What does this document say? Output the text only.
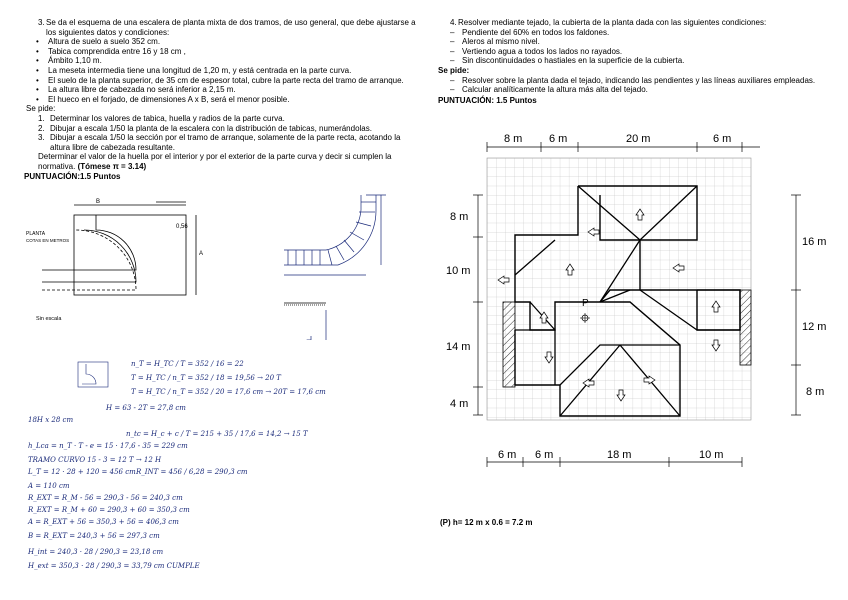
3. Se da el esquema de una escalera de planta mixta de dos tramos, de uso general, que debe ajustarse a
los siguientes datos y condiciones:
• Altura de suelo a suelo 352 cm.
• Tabica comprendida entre 16 y 18 cm ,
• Ámbito 1,10 m.
• La meseta intermedia tiene una longitud de 1,20 m, y está centrada en la parte curva.
• El suelo de la planta superior, de 35 cm de espesor total, cubre la parte recta del tramo de arranque.
• La altura libre de cabezada no será inferior a 2,15 m.
• El hueco en el forjado, de dimensiones A x B, será el menor posible.
Se pide:
1. Determinar los valores de tabica, huella y radios de la parte curva.
2. Dibujar a escala 1/50 la planta de la escalera con la distribución de tabicas, numerándolas.
3. Dibujar a escala 1/50 la sección por el tramo de arranque, solamente de la parte recta, acotando la
altura libre de cabezada resultante.
Determinar el valor de la huella por el interior y por el exterior de la parte curva y decir si cumplen la
normativa. (Tómese π = 3.14)
PUNTUACIÓN:1.5 Puntos
B
A
0,56
PLANTA
COTAS EN METROS
Sin escala
n_T = H_TC / T = 352 / 16 = 22
T = H_TC / n_T = 352 / 18 = 19,56 → 20 T
T = H_TC / n_T = 352 / 20 = 17,6 cm → 20T = 17,6 cm
H = 63 - 2T = 27,8 cm
18H x 28 cm
n_tc = H_c + c / T = 215 + 35 / 17,6 = 14,2 → 15 T
h_Lca = n_T · T - e = 15 · 17,6 - 35 = 229 cm
TRAMO CURVO 15 - 3 = 12 T → 12 H
L_T = 12 · 28 + 120 = 456 cm R_INT = 456 / 6,28 = 290,3 cm
A = 110 cm
R_EXT = R_M - 56 = 290,3 - 56 = 240,3 cm
R_EXT = R_M + 60 = 290,3 + 60 = 350,3 cm
A = R_EXT + 56 = 350,3 + 56 = 406,3 cm
B = R_EXT = 240,3 + 56 = 297,3 cm
H_int = 240,3 · 28 / 290,3 = 23,18 cm
H_ext = 350,3 · 28 / 290,3 = 33,79 cm CUMPLE
4. Resolver mediante tejado, la cubierta de la planta dada con las siguientes condiciones:
– Pendiente del 60% en todos los faldones.
– Aleros al mismo nivel.
– Vertiendo agua a todos los lados no rayados.
– Sin discontinuidades o hastiales en la superficie de la cubierta.
Se pide:
– Resolver sobre la planta dada el tejado, indicando las pendientes y las líneas auxiliares empleadas.
– Calcular analíticamente la altura más alta del tejado.
PUNTUACIÓN: 1.5 Puntos
P
8 m 6 m	20 m	6 m
8 m
10 m
14 m
4 m
16 m
12 m
8 m
6 m 6 m	18 m	10 m
(P) h= 12 m x 0.6 = 7.2 m
